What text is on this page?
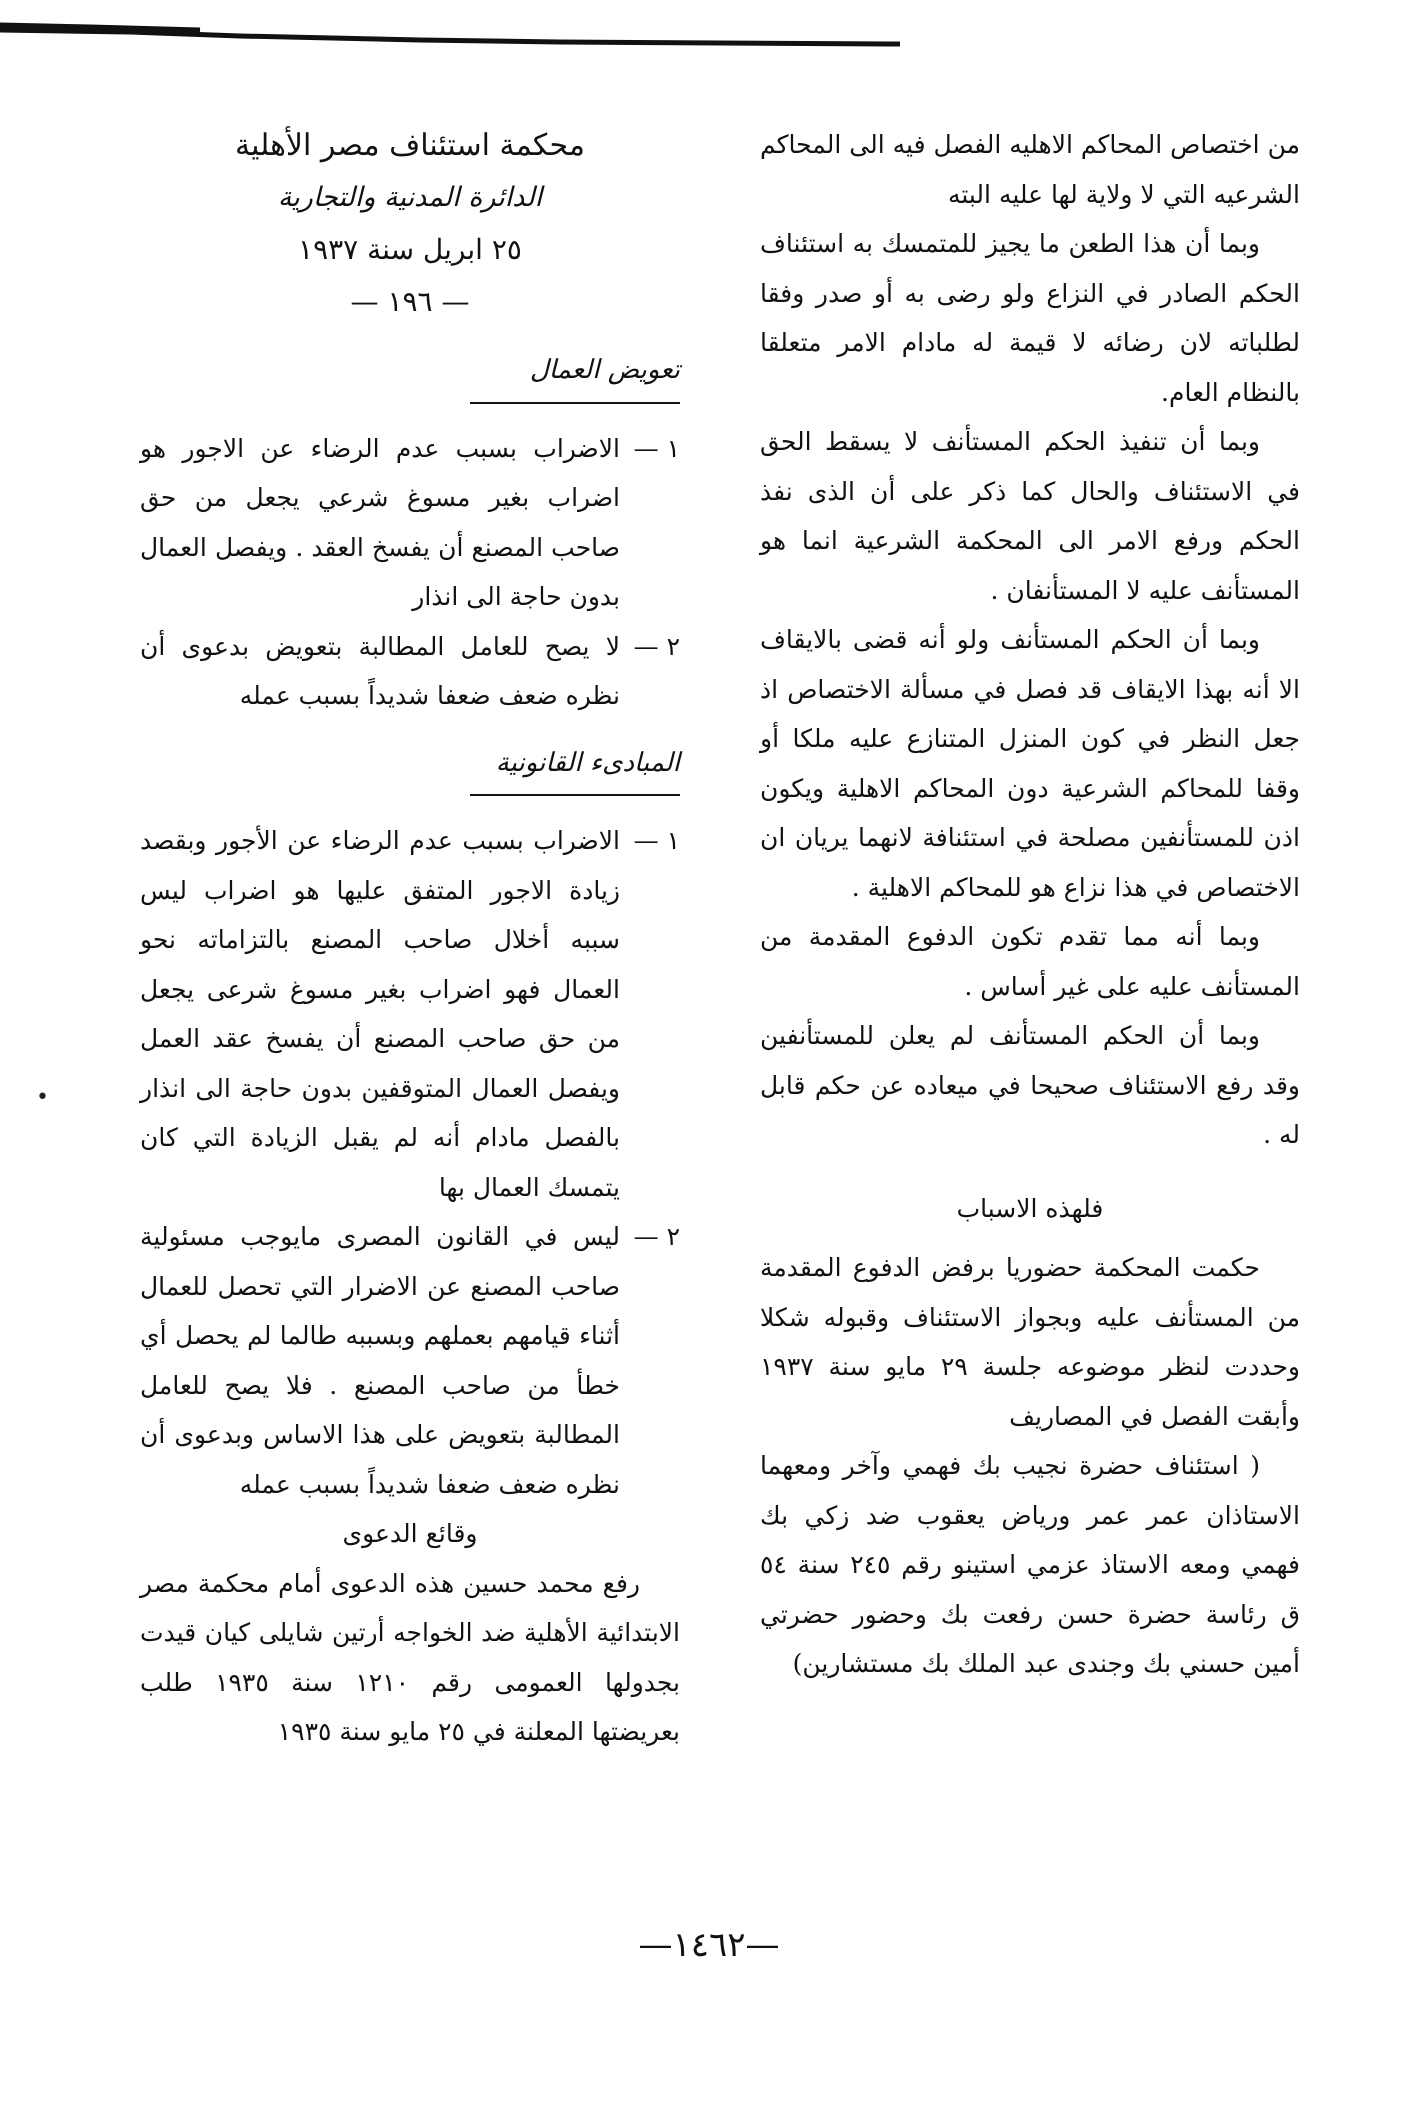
من اختصاص المحاكم الاهليه الفصل فيه الى المحاكم الشرعيه التي لا ولاية لها عليه البته

وبما أن هذا الطعن ما يجيز للمتمسك به استئناف الحكم الصادر في النزاع ولو رضى به أو صدر وفقا لطلباته لان رضائه لا قيمة له مادام الامر متعلقا بالنظام العام.

وبما أن تنفيذ الحكم المستأنف لا يسقط الحق في الاستئناف والحال كما ذكر على أن الذى نفذ الحكم ورفع الامر الى المحكمة الشرعية انما هو المستأنف عليه لا المستأنفان .

وبما أن الحكم المستأنف ولو أنه قضى بالايقاف الا أنه بهذا الايقاف قد فصل في مسألة الاختصاص اذ جعل النظر في كون المنزل المتنازع عليه ملكا أو وقفا للمحاكم الشرعية دون المحاكم الاهلية ويكون اذن للمستأنفين مصلحة في استئنافة لانهما يريان ان الاختصاص في هذا نزاع هو للمحاكم الاهلية .

وبما أنه مما تقدم تكون الدفوع المقدمة من المستأنف عليه على غير أساس .

وبما أن الحكم المستأنف لم يعلن للمستأنفين وقد رفع الاستئناف صحيحا في ميعاده عن حكم قابل له .

فلهذه الاسباب

حكمت المحكمة حضوريا برفض الدفوع المقدمة من المستأنف عليه وبجواز الاستئناف وقبوله شكلا وحددت لنظر موضوعه جلسة ٢٩ مايو سنة ١٩٣٧ وأبقت الفصل في المصاريف

( استئناف حضرة نجيب بك فهمي وآخر ومعهما الاستاذان عمر عمر ورياض يعقوب ضد زكي بك فهمي ومعه الاستاذ عزمي استينو رقم ٢٤٥ سنة ٥٤ ق رئاسة حضرة حسن رفعت بك وحضور حضرتي أمين حسني بك وجندى عبد الملك بك مستشارين)

محكمة استئناف مصر الأهلية
الدائرة المدنية والتجارية
٢٥ ابريل سنة ١٩٣٧
— ١٩٦ —
تعويض العمال
١ —
الاضراب بسبب عدم الرضاء عن الاجور هو اضراب بغير مسوغ شرعي يجعل من حق صاحب المصنع أن يفسخ العقد . ويفصل العمال بدون حاجة الى انذار
٢ —
لا يصح للعامل المطالبة بتعويض بدعوى أن نظره ضعف ضعفا شديداً بسبب عمله
المبادىء القانونية
١ —
الاضراب بسبب عدم الرضاء عن الأجور وبقصد زيادة الاجور المتفق عليها هو اضراب ليس سببه أخلال صاحب المصنع بالتزاماته نحو العمال فهو اضراب بغير مسوغ شرعى يجعل من حق صاحب المصنع أن يفسخ عقد العمل ويفصل العمال المتوقفين بدون حاجة الى انذار بالفصل مادام أنه لم يقبل الزيادة التي كان يتمسك العمال بها
٢ —
ليس في القانون المصرى مايوجب مسئولية صاحب المصنع عن الاضرار التي تحصل للعمال أثناء قيامهم بعملهم وبسببه طالما لم يحصل أي خطأ من صاحب المصنع . فلا يصح للعامل المطالبة بتعويض على هذا الاساس وبدعوى أن نظره ضعف ضعفا شديداً بسبب عمله

وقائع الدعوى

رفع محمد حسين هذه الدعوى أمام محكمة مصر الابتدائية الأهلية ضد الخواجه أرتين شايلى كيان قيدت بجدولها العمومى رقم ١٢١٠ سنة ١٩٣٥ طلب بعريضتها المعلنة في ٢٥ مايو سنة ١٩٣٥

•
—١٤٦٢—
